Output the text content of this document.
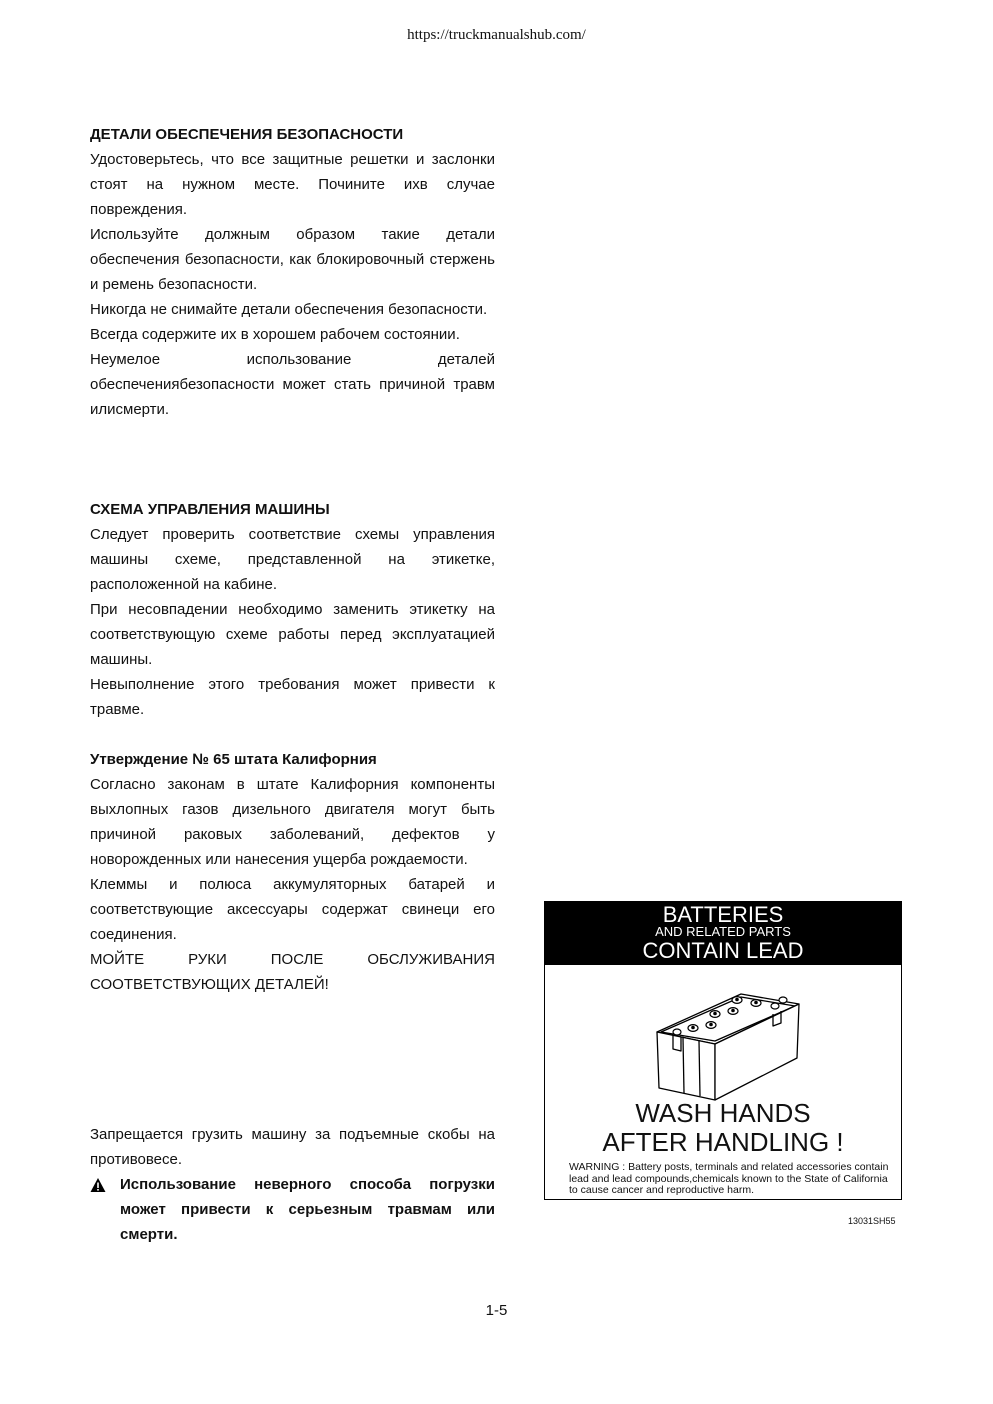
https://truckmanualshub.com/
ДЕТАЛИ ОБЕСПЕЧЕНИЯ БЕЗОПАСНОСТИ

Удостоверьтесь, что все защитные решетки и заслонки стоят на нужном месте. Почините ихв случае повреждения.

Используйте должным образом такие детали обеспечения безопасности, как блокировочный стержень и ремень безопасности.

Никогда не снимайте детали обеспечения безопасности.

Всегда содержите их в хорошем рабочем состоянии.

Неумелое использование деталей обеспечениябезопасности может стать причиной травм илисмерти.

СХЕМА УПРАВЛЕНИЯ МАШИНЫ

Следует проверить соответствие схемы управления машины схеме, представленной на этикетке, расположенной на кабине.

При несовпадении необходимо заменить этикетку на соответствующую схеме работы перед эксплуатацией машины.

Невыполнение этого требования может привести к травме.

Утверждение № 65 штата Калифорния

Согласно законам в штате Калифорния компоненты выхлопных газов дизельного двигателя могут быть причиной раковых заболеваний, дефектов у новорожденных или нанесения ущерба рождаемости.

Клеммы и полюса аккумуляторных батарей и соответствующие аксессуары содержат свинеци его соединения.

МОЙТЕ РУКИ ПОСЛЕ ОБСЛУЖИВАНИЯ СООТВЕТСТВУЮЩИХ ДЕТАЛЕЙ!

Запрещается грузить машину за подъемные скобы на противовесе.

Использование неверного способа погрузки может привести к серьезным травмам или смерти.
BATTERIES
AND RELATED PARTS
CONTAIN LEAD
WASH HANDS
AFTER HANDLING !
WARNING : Battery posts, terminals and related accessories contain lead and lead compounds,chemicals known to the State of California to cause cancer and reproductive harm.
13031SH55
1-5
